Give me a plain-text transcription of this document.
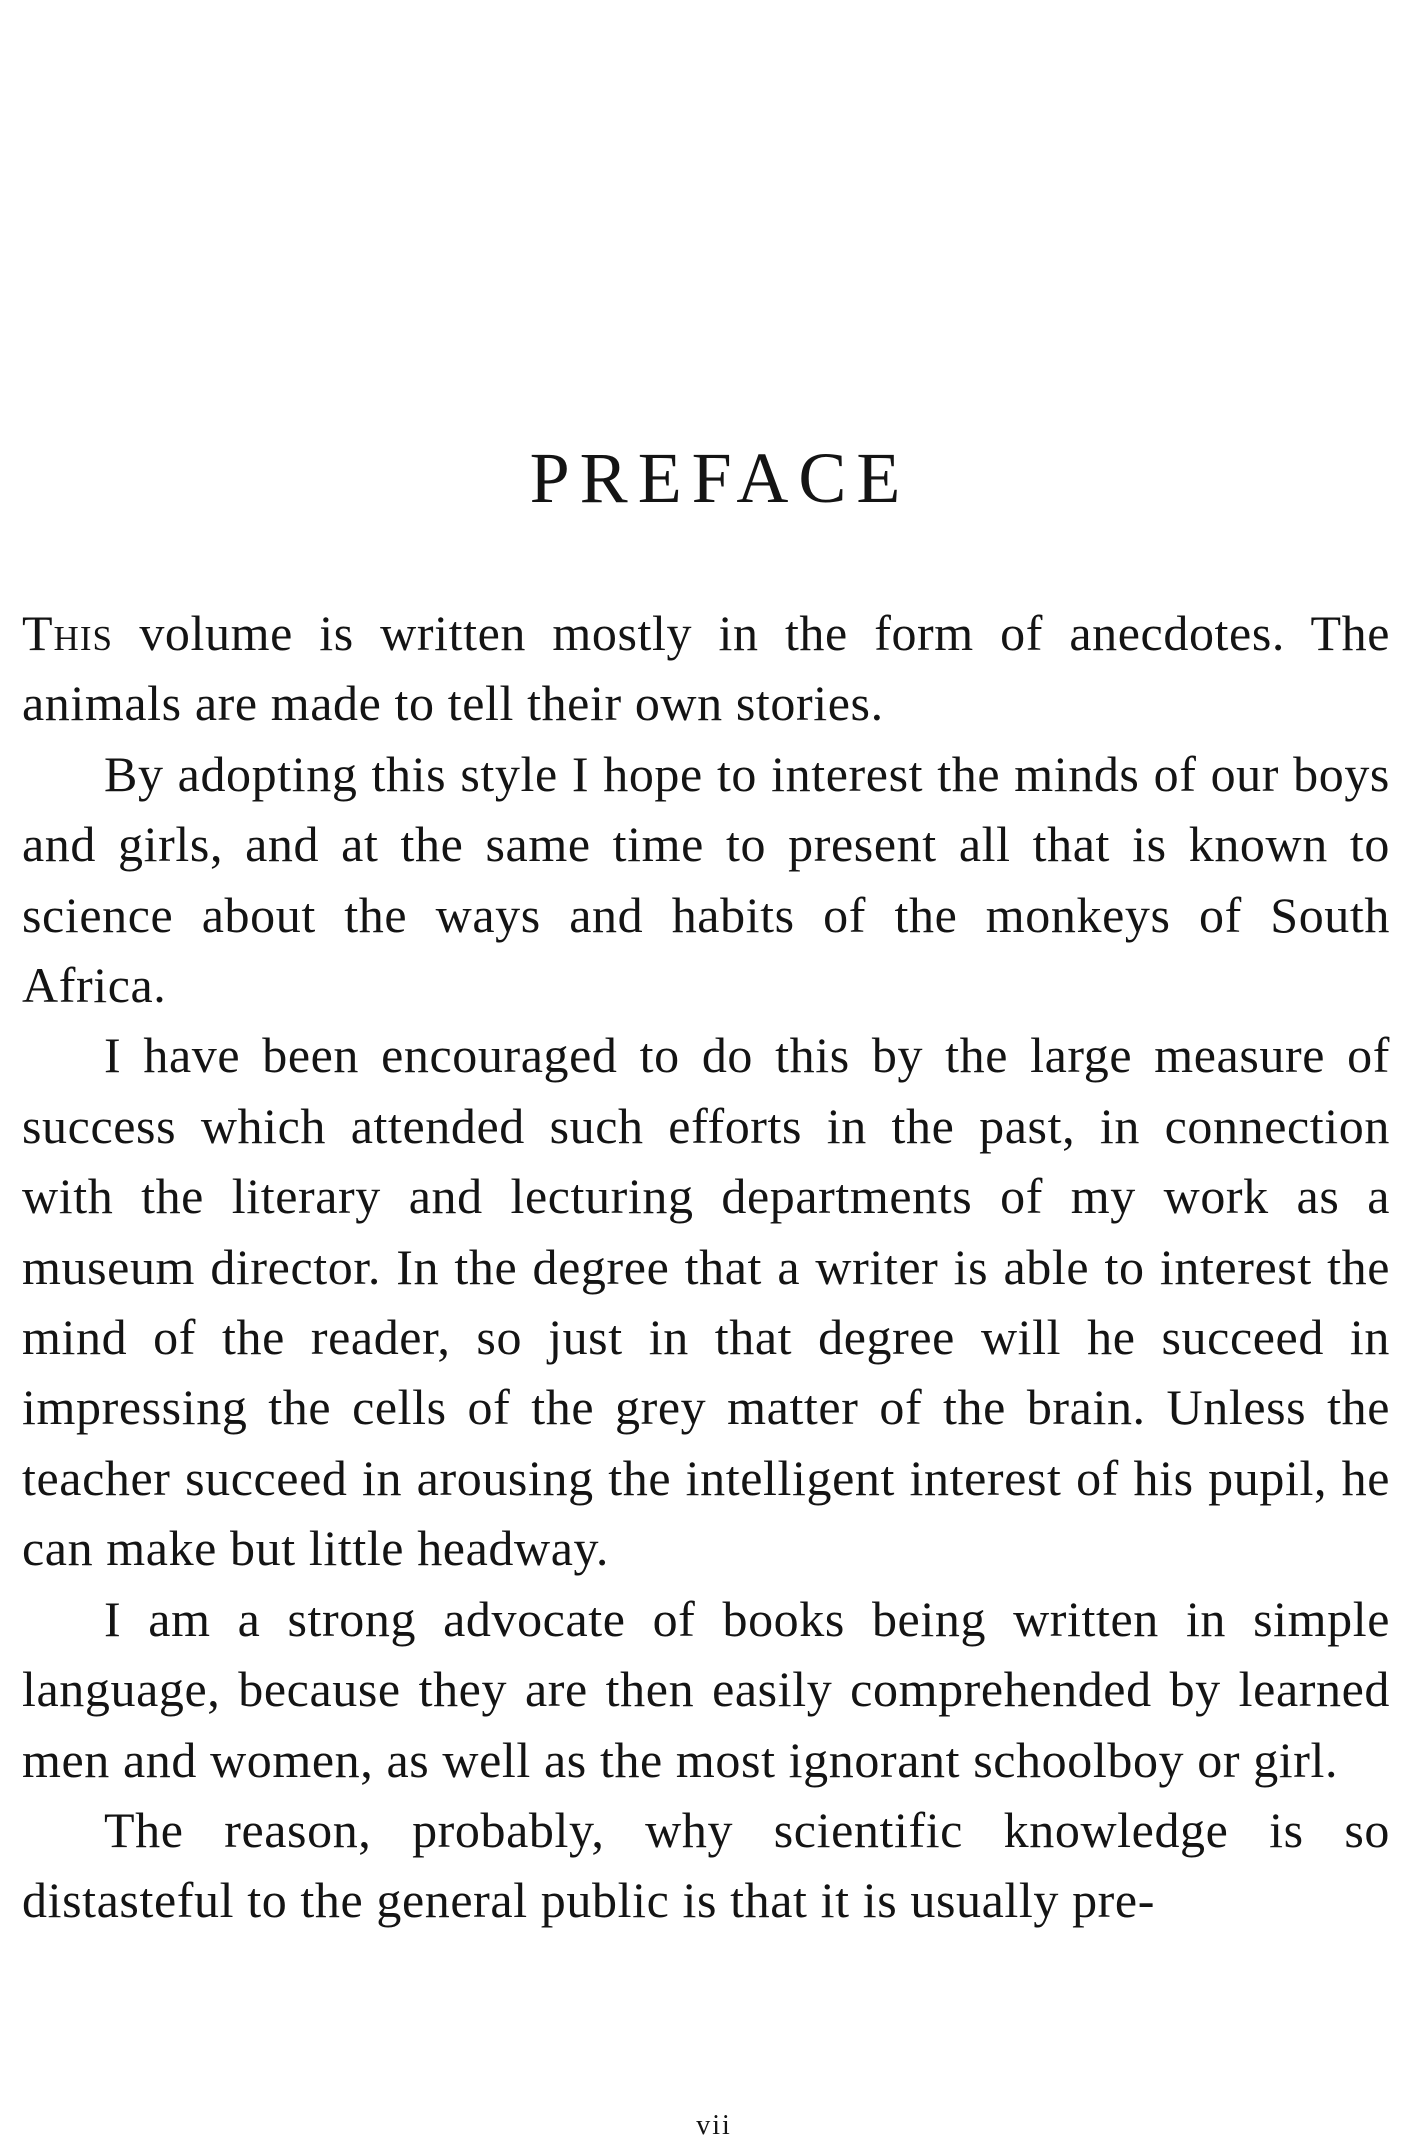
PREFACE

This volume is written mostly in the form of anecdotes. The animals are made to tell their own stories.

By adopting this style I hope to interest the minds of our boys and girls, and at the same time to present all that is known to science about the ways and habits of the monkeys of South Africa.

I have been encouraged to do this by the large measure of success which attended such efforts in the past, in connection with the literary and lecturing departments of my work as a museum director. In the degree that a writer is able to interest the mind of the reader, so just in that degree will he succeed in impressing the cells of the grey matter of the brain. Unless the teacher succeed in arousing the intelligent interest of his pupil, he can make but little headway.

I am a strong advocate of books being written in simple language, because they are then easily comprehended by learned men and women, as well as the most ignorant schoolboy or girl.

The reason, probably, why scientific knowledge is so distasteful to the general public is that it is usually pre-

vii
